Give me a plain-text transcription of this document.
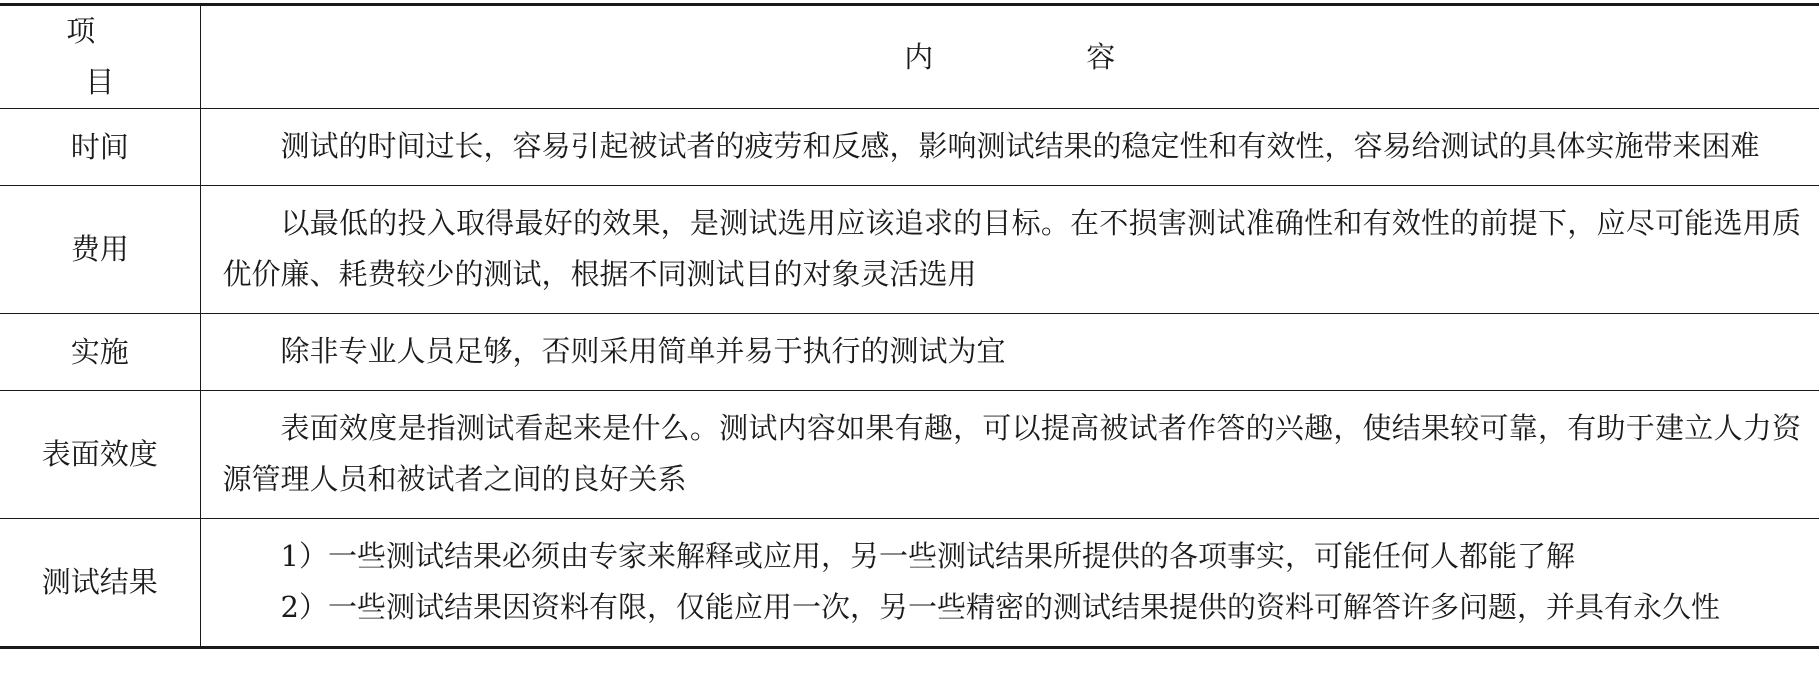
项　目	内　容
时间	测试的时间过长，容易引起被试者的疲劳和反感，影响测试结果的稳定性和有效性，容易给测试的具体实施带来困难

费用	以最低的投入取得最好的效果，是测试选用应该追求的目标。在不损害测试准确性和有效性的前提下，应尽可能选用质优价廉、耗费较少的测试，根据不同测试目的对象灵活选用

实施	除非专业人员足够，否则采用简单并易于执行的测试为宜

表面效度	表面效度是指测试看起来是什么。测试内容如果有趣，可以提高被试者作答的兴趣，使结果较可靠，有助于建立人力资源管理人员和被试者之间的良好关系

测试结果	1）一些测试结果必须由专家来解释或应用，另一些测试结果所提供的各项事实，可能任何人都能了解

2）一些测试结果因资料有限，仅能应用一次，另一些精密的测试结果提供的资料可解答许多问题，并具有永久性
